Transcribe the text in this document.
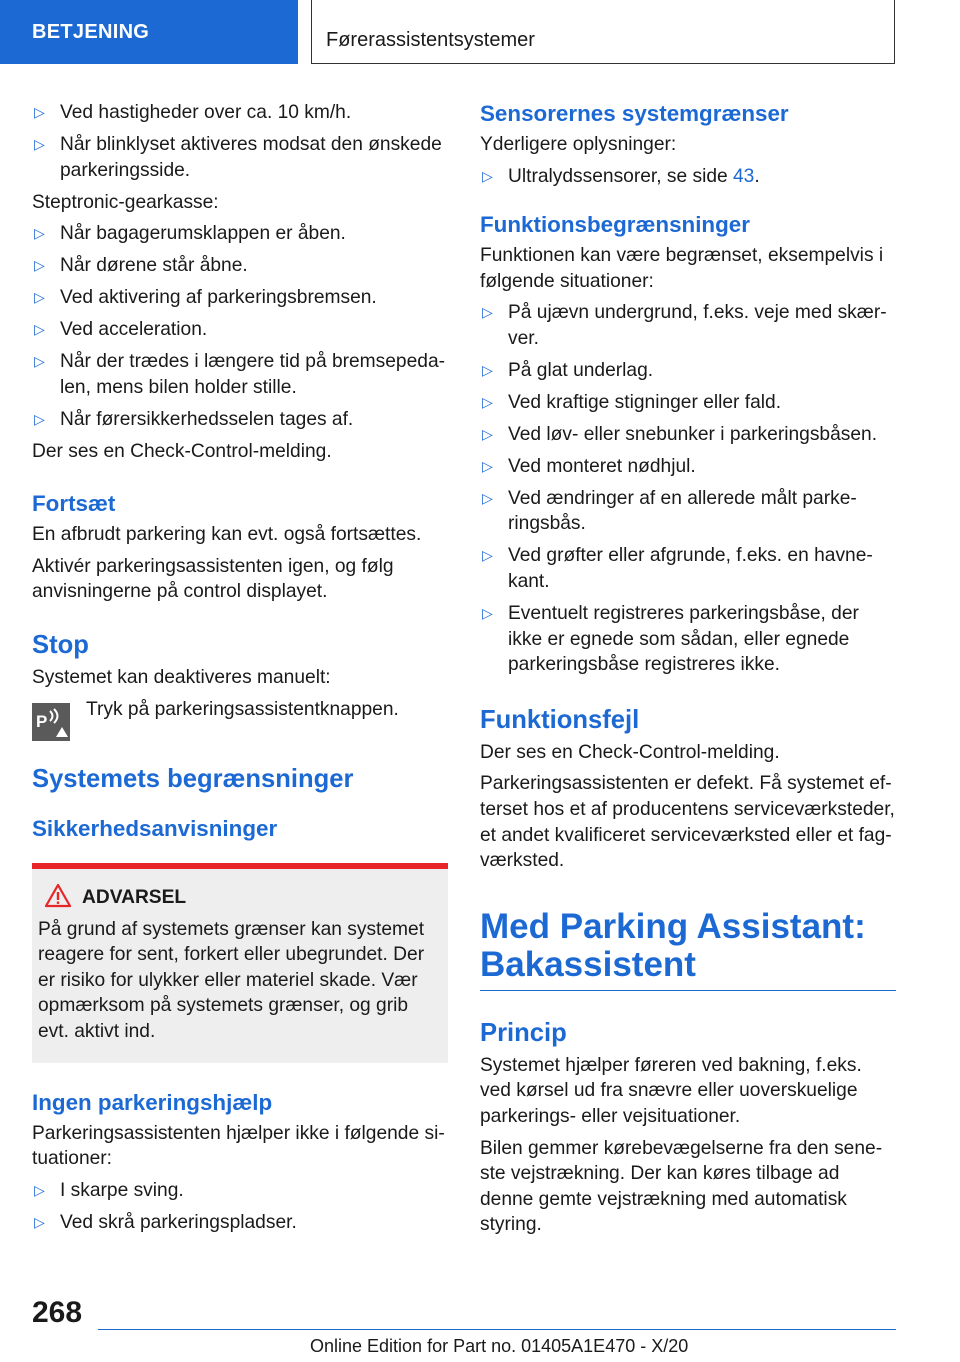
BETJENING	Førerassistentsystemer
▷ Ved hastigheder over ca. 10 km/h.
▷ Når blinklyset aktiveres modsat den ønskede parkeringsside.

Steptronic-gearkasse:

▷ Når bagagerumsklappen er åben.
▷ Når dørene står åbne.
▷ Ved aktivering af parkeringsbremsen.
▷ Ved acceleration.
▷ Når der trædes i længere tid på bremsepedalen, mens bilen holder stille.
▷ Når førersikkerhedsselen tages af.

Der ses en Check-Control-melding.

Fortsæt

En afbrudt parkering kan evt. også fortsættes.

Aktivér parkeringsassistenten igen, og følg anvisningerne på control displayet.

Stop

Systemet kan deaktiveres manuelt:

P

Tryk på parkeringsassistentknappen.

Systemets begrænsninger
Sikkerhedsanvisninger
ADVARSEL

På grund af systemets grænser kan systemet reagere for sent, forkert eller ubegrundet. Der er risiko for ulykker eller materiel skade. Vær opmærksom på systemets grænser, og grib evt. aktivt ind.

Ingen parkeringshjælp

Parkeringsassistenten hjælper ikke i følgende situationer:

▷ I skarpe sving.
▷ Ved skrå parkeringspladser.
Sensorernes systemgrænser

Yderligere oplysninger:

▷ Ultralydssensorer, se side 43.
Funktionsbegrænsninger

Funktionen kan være begrænset, eksempelvis i følgende situationer:

▷ På ujævn undergrund, f.eks. veje med skærver.
▷ På glat underlag.
▷ Ved kraftige stigninger eller fald.
▷ Ved løv- eller snebunker i parkeringsbåsen.
▷ Ved monteret nødhjul.
▷ Ved ændringer af en allerede målt parkeringsbås.
▷ Ved grøfter eller afgrunde, f.eks. en havnekant.
▷ Eventuelt registreres parkeringsbåse, der ikke er egnede som sådan, eller egnede parkeringsbåse registreres ikke.
Funktionsfejl

Der ses en Check-Control-melding.

Parkeringsassistenten er defekt. Få systemet efterset hos et af producentens serviceværksteder, et andet kvalificeret serviceværksted eller et fagværksted.

Med Parking Assistant:
Bakassistent
Princip

Systemet hjælper føreren ved bakning, f.eks. ved kørsel ud fra snævre eller uoverskuelige parkerings- eller vejsituationer.

Bilen gemmer kørebevægelserne fra den seneste vejstrækning. Der kan køres tilbage ad denne gemte vejstrækning med automatisk styring.

268
Online Edition for Part no. 01405A1E470 - X/20
